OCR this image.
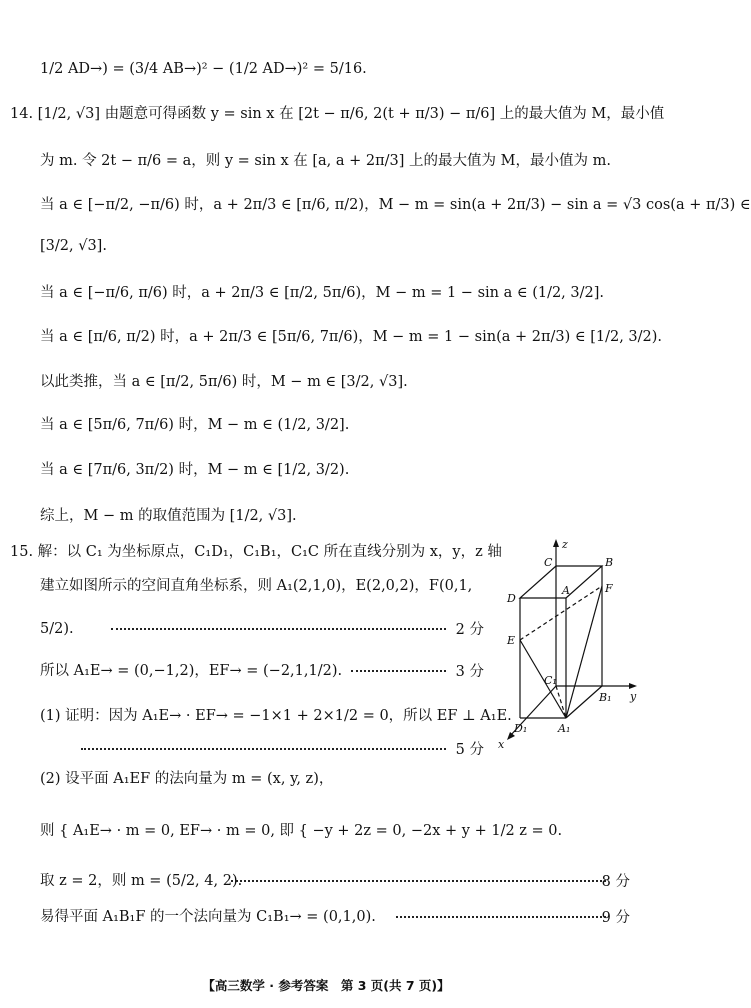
1/2 AD→) = (3/4 AB→)² − (1/2 AD→)² = 5/16.
14. [1/2, √3] 由题意可得函数 y = sin x 在 [2t − π/6, 2(t + π/3) − π/6] 上的最大值为 M，最小值
为 m. 令 2t − π/6 = a，则 y = sin x 在 [a, a + 2π/3] 上的最大值为 M，最小值为 m.
当 a ∈ [−π/2, −π/6) 时，a + 2π/3 ∈ [π/6, π/2)，M − m = sin(a + 2π/3) − sin a = √3 cos(a + π/3) ∈
[3/2, √3].
当 a ∈ [−π/6, π/6) 时，a + 2π/3 ∈ [π/2, 5π/6)，M − m = 1 − sin a ∈ (1/2, 3/2].
当 a ∈ [π/6, π/2) 时，a + 2π/3 ∈ [5π/6, 7π/6)，M − m = 1 − sin(a + 2π/3) ∈ [1/2, 3/2).
以此类推，当 a ∈ [π/2, 5π/6) 时，M − m ∈ [3/2, √3].
当 a ∈ [5π/6, 7π/6) 时，M − m ∈ (1/2, 3/2].
当 a ∈ [7π/6, 3π/2) 时，M − m ∈ [1/2, 3/2).
综上，M − m 的取值范围为 [1/2, √3].
15. 解：以 C₁ 为坐标原点，C₁D₁，C₁B₁，C₁C 所在直线分别为 x，y，z 轴
建立如图所示的空间直角坐标系，则 A₁(2,1,0)，E(2,0,2)，F(0,1,
5/2).	2 分
所以 A₁E→ = (0,−1,2)，EF→ = (−2,1,1/2).	3 分
(1) 证明：因为 A₁E→ · EF→ = −1×1 + 2×1/2 = 0，所以 EF ⊥ A₁E.
5 分
(2) 设平面 A₁EF 的法向量为 m = (x, y, z)，
则 { A₁E→ · m = 0, EF→ · m = 0, 即 { −y + 2z = 0, −2x + y + 1/2 z = 0.
取 z = 2，则 m = (5/2, 4, 2).	8 分
易得平面 A₁B₁F 的一个法向量为 C₁B₁→ = (0,1,0).	9 分
z
y
x
C	B
D
A	F
E
C₁
B₁
D₁	A₁
【高三数学 · 参考答案　第 3 页(共 7 页)】
